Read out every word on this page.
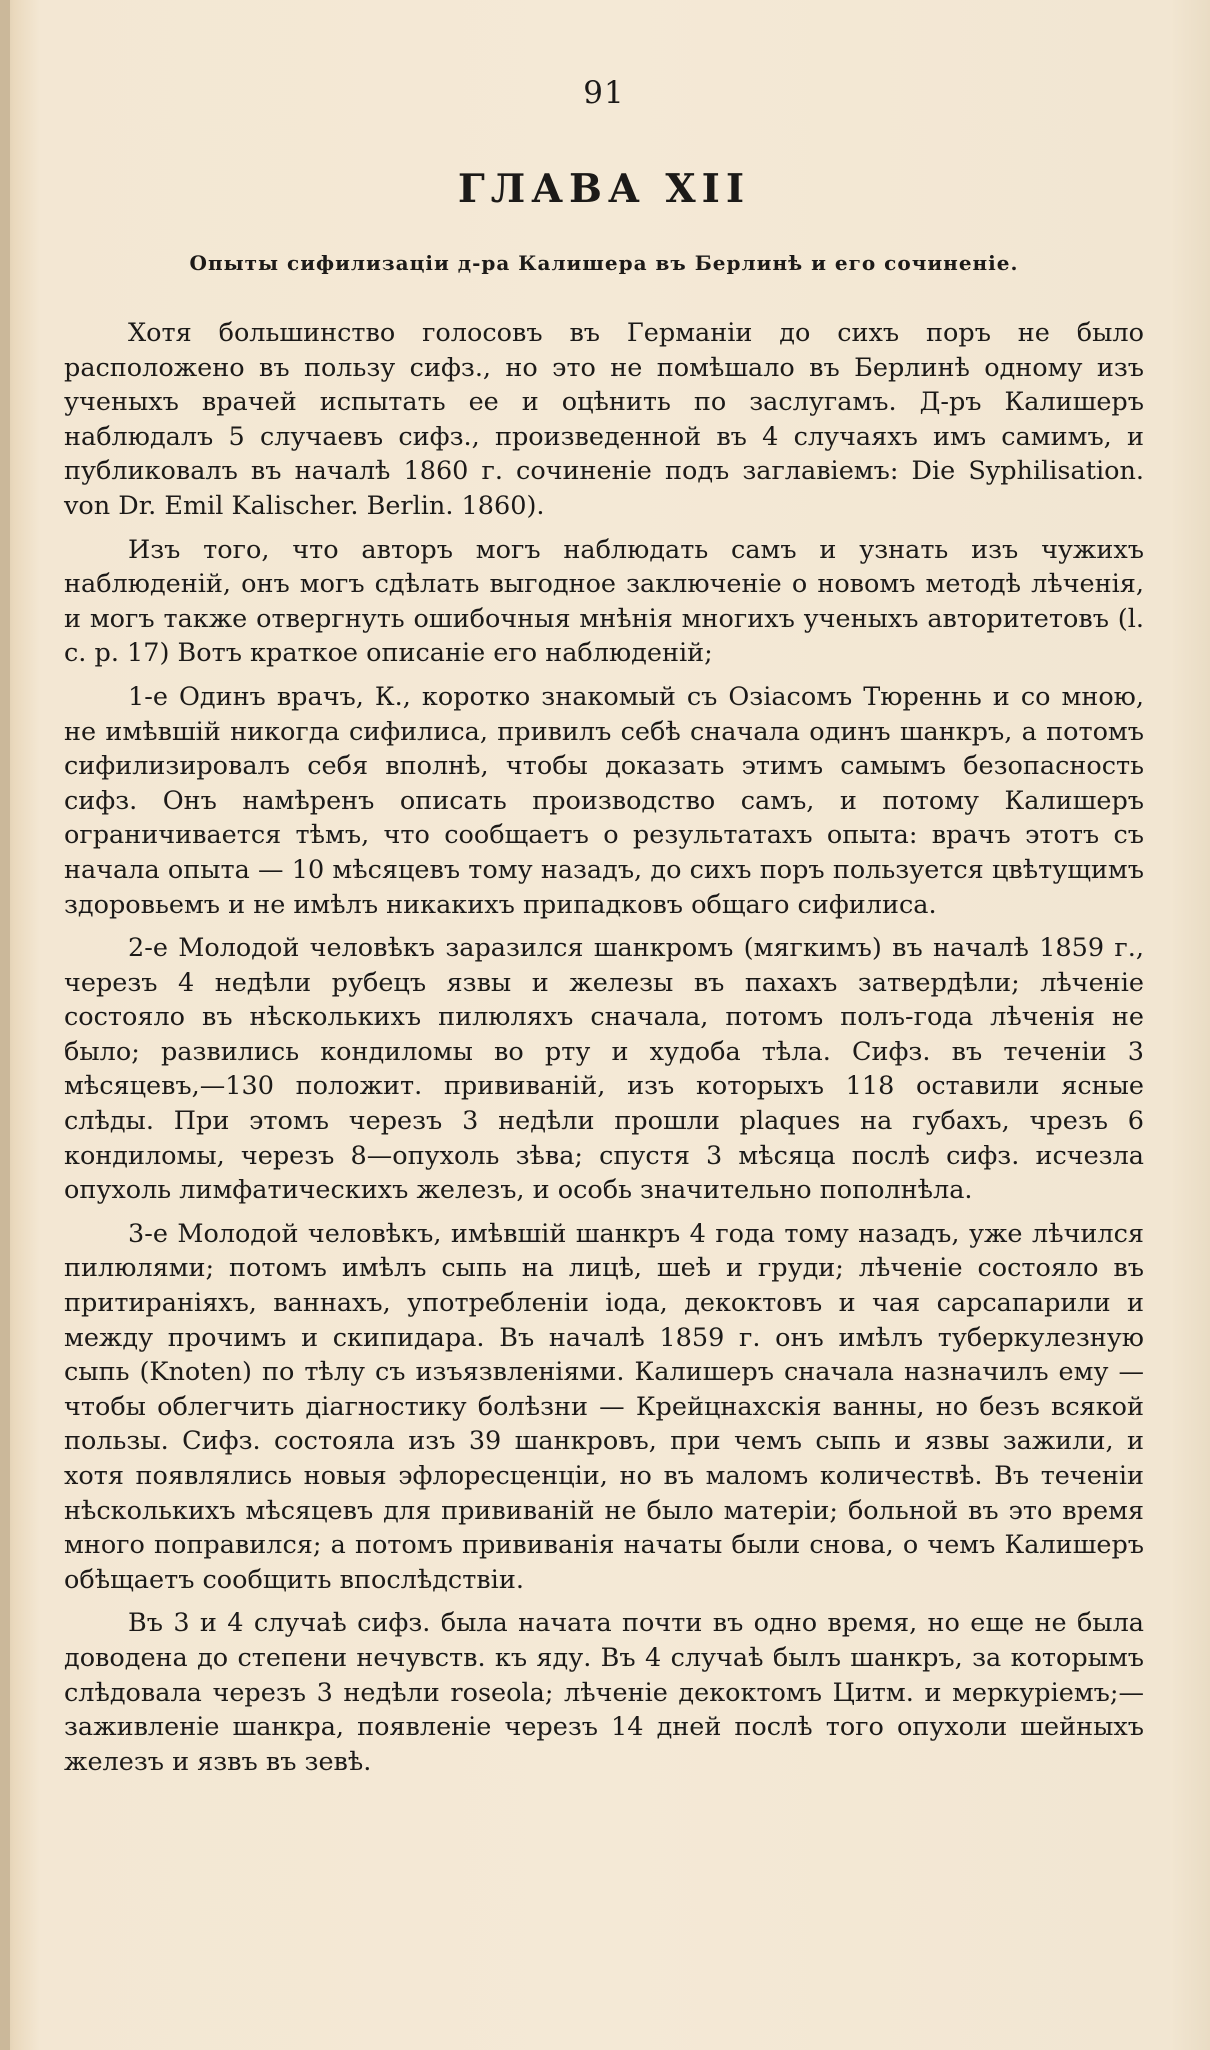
91
ГЛАВА XII
Опыты сифилизаціи д-ра Калишера въ Берлинѣ и его сочиненіе.

Хотя большинство голосовъ въ Германіи до сихъ поръ не было расположено въ пользу сифз., но это не помѣшало въ Берлинѣ одному изъ ученыхъ врачей испытать ее и оцѣнить по заслугамъ. Д-ръ Калишеръ наблюдалъ 5 случаевъ сифз., произведенной въ 4 случаяхъ имъ самимъ, и публиковалъ въ началѣ 1860 г. сочиненіе подъ заглавіемъ: Die Syphilisation. von Dr. Emil Kalischer. Berlin. 1860).

Изъ того, что авторъ могъ наблюдать самъ и узнать изъ чужихъ наблюденій, онъ могъ сдѣлать выгодное заключеніе о новомъ методѣ лѣченія, и могъ также отвергнуть ошибочныя мнѣнія многихъ ученыхъ авторитетовъ (l. c. p. 17) Вотъ краткое описаніе его наблюденій;

1-е Одинъ врачъ, К., коротко знакомый съ Озіасомъ Тюреннь и со мною, не имѣвшій никогда сифилиса, привилъ себѣ сначала одинъ шанкръ, а потомъ сифилизировалъ себя вполнѣ, чтобы доказать этимъ самымъ безопасность сифз. Онъ намѣренъ описать производство самъ, и потому Калишеръ ограничивается тѣмъ, что сообщаетъ о результатахъ опыта: врачъ этотъ съ начала опыта — 10 мѣсяцевъ тому назадъ, до сихъ поръ пользуется цвѣтущимъ здоровьемъ и не имѣлъ никакихъ припадковъ общаго сифилиса.

2-е Молодой человѣкъ заразился шанкромъ (мягкимъ) въ началѣ 1859 г., черезъ 4 недѣли рубецъ язвы и железы въ пахахъ затвердѣли; лѣченіе состояло въ нѣсколькихъ пилюляхъ сначала, потомъ полъ-года лѣченія не было; развились кондиломы во рту и худоба тѣла. Сифз. въ теченіи 3 мѣсяцевъ,—130 положит. прививаній, изъ которыхъ 118 оставили ясные слѣды. При этомъ черезъ 3 недѣли прошли plaques на губахъ, чрезъ 6 кондиломы, черезъ 8—опухоль зѣва; спустя 3 мѣсяца послѣ сифз. исчезла опухоль лимфатическихъ железъ, и особь значительно пополнѣла.

3-е Молодой человѣкъ, имѣвшій шанкръ 4 года тому назадъ, уже лѣчился пилюлями; потомъ имѣлъ сыпь на лицѣ, шеѣ и груди; лѣченіе состояло въ притираніяхъ, ваннахъ, употребленіи іода, декоктовъ и чая сарсапарили и между прочимъ и скипидара. Въ началѣ 1859 г. онъ имѣлъ туберкулезную сыпь (Knoten) по тѣлу съ изъязвленіями. Калишеръ сначала назначилъ ему — чтобы облегчить діагностику болѣзни — Крейцнахскія ванны, но безъ всякой пользы. Сифз. состояла изъ 39 шанкровъ, при чемъ сыпь и язвы зажили, и хотя появлялись новыя эфлоресценціи, но въ маломъ количествѣ. Въ теченіи нѣсколькихъ мѣсяцевъ для прививаній не было матеріи; больной въ это время много поправился; а потомъ прививанія начаты были снова, о чемъ Калишеръ обѣщаетъ сообщить впослѣдствіи.

Въ 3 и 4 случаѣ сифз. была начата почти въ одно время, но еще не была доводена до степени нечувств. къ яду. Въ 4 случаѣ былъ шанкръ, за которымъ слѣдовала черезъ 3 недѣли roseola; лѣченіе декоктомъ Цитм. и меркуріемъ;—заживленіе шанкра, появленіе черезъ 14 дней послѣ того опухоли шейныхъ железъ и язвъ въ зевѣ.
